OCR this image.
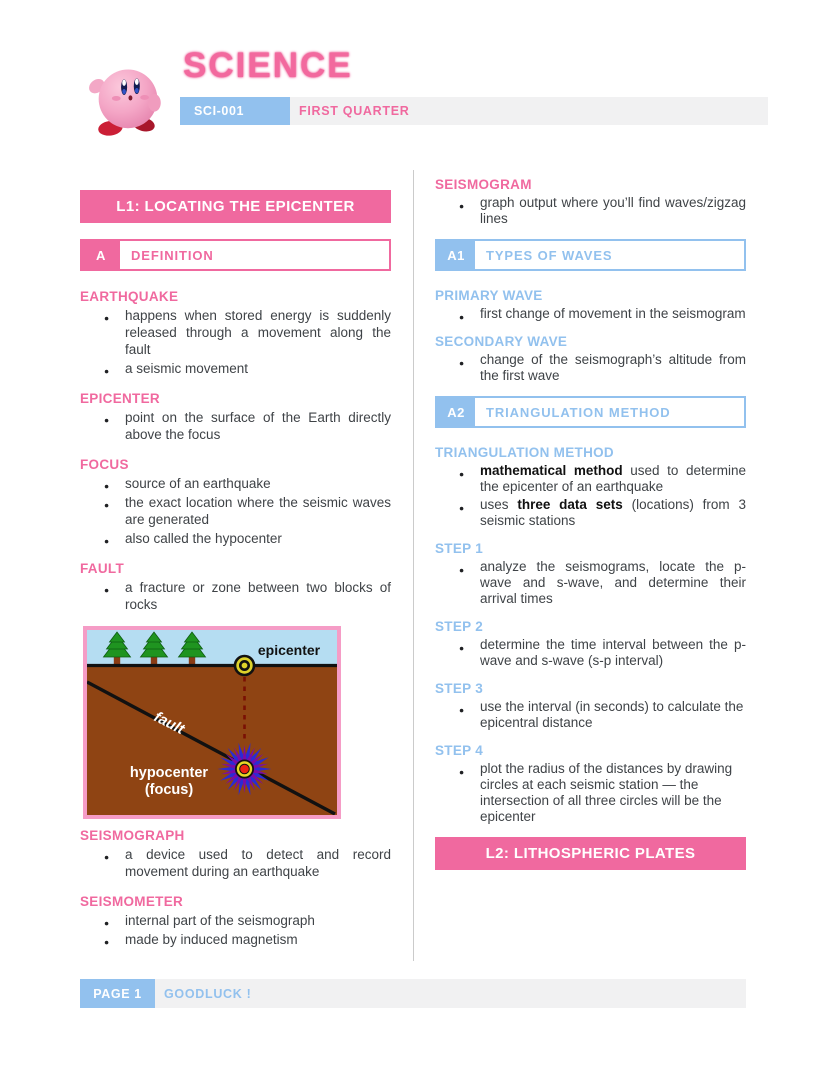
SCIENCE
SCI-001	FIRST QUARTER
L1: LOCATING THE EPICENTER
A	DEFINITION
EARTHQUAKE
● happens when stored energy is suddenly released through a movement along the fault
● a seismic movement
EPICENTER
● point on the surface of the Earth directly above the focus
FOCUS
● source of an earthquake
● the exact location where the seismic waves are generated
● also called the hypocenter
FAULT
● a fracture or zone between two blocks of rocks
epicenter
fault
hypocenter
(focus)
SEISMOGRAPH
● a device used to detect and record movement during an earthquake
SEISMOMETER
● internal part of the seismograph
● made by induced magnetism
SEISMOGRAM
● graph output where you’ll find waves/zigzag lines
A1	TYPES OF WAVES
PRIMARY WAVE
● first change of movement in the seismogram
SECONDARY WAVE
● change of the seismograph’s altitude from the first wave
A2	TRIANGULATION METHOD
TRIANGULATION METHOD
● mathematical method used to determine the epicenter of an earthquake
● uses three data sets (locations) from 3 seismic stations
STEP 1
● analyze the seismograms, locate the p-wave and s-wave, and determine their arrival times
STEP 2
● determine the time interval between the p-wave and s-wave (s-p interval)
STEP 3
● use the interval (in seconds) to calculate the epicentral distance
STEP 4
● plot the radius of the distances by drawing circles at each seismic station — the intersection of all three circles will be the epicenter
L2: LITHOSPHERIC PLATES
PAGE 1	GOODLUCK !
